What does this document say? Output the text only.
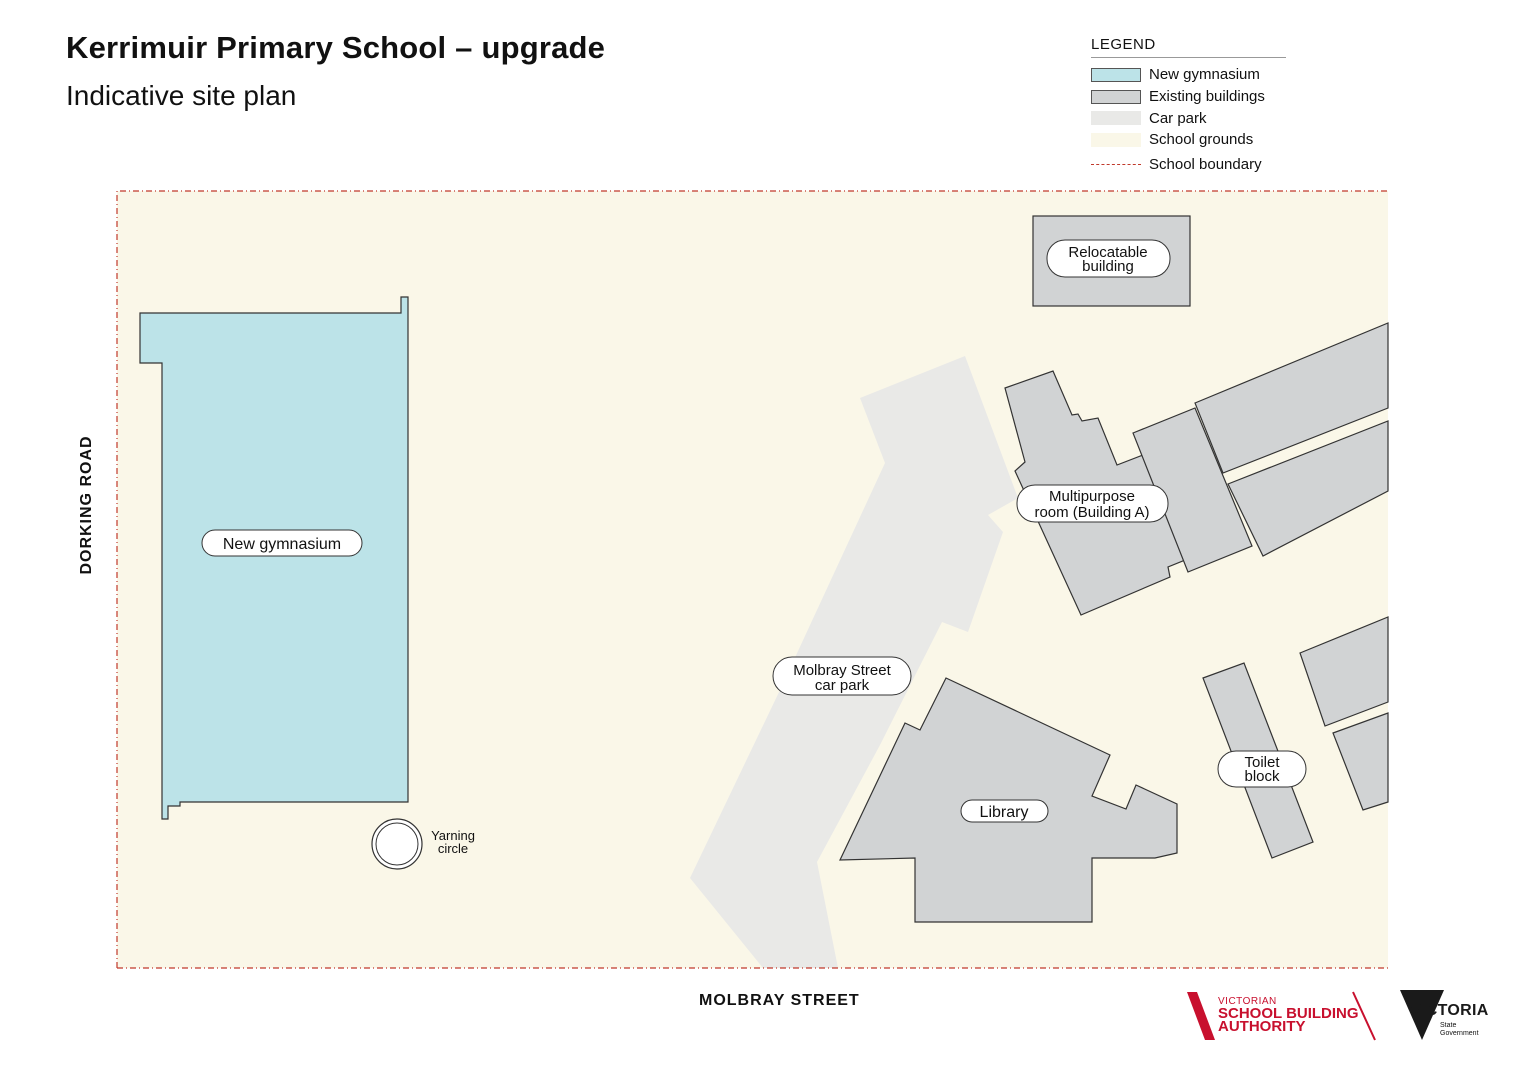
Kerrimuir Primary School – upgrade
Indicative site plan
LEGEND
New gymnasium
Existing buildings
Car park
School grounds
School boundary
New gymnasium
Relocatable
building
Multipurpose
room (Building A)
Molbray Street
car park
Library
Toilet
block
Yarning
circle
DORKING ROAD
MOLBRAY STREET	VICTORIAN
SCHOOL BUILDING
AUTHORITY
VICTORIA
State
Government
